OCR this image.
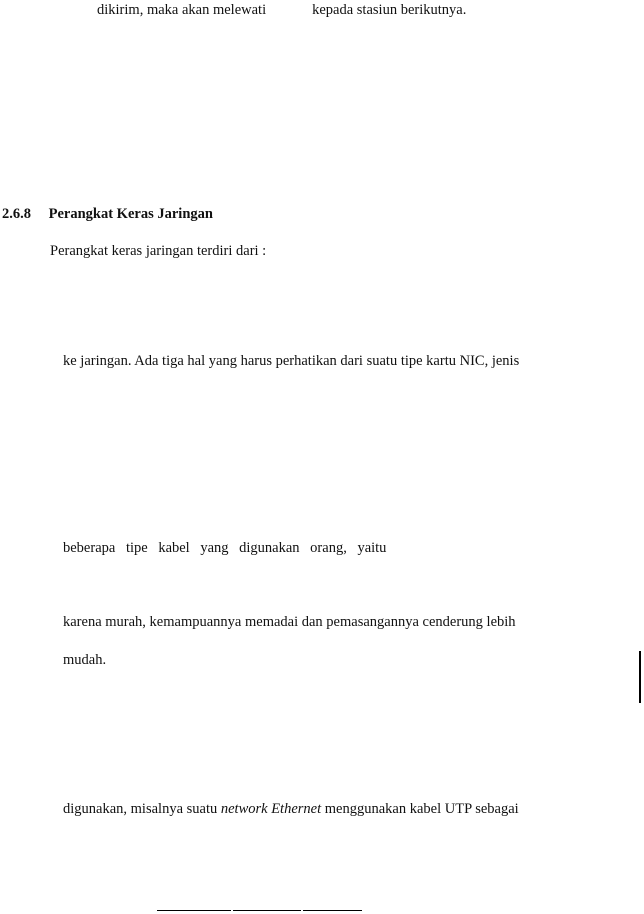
dikirim, maka akan melewati	kepada stasiun berikutnya.
2.6.8 Perangkat Keras Jaringan
Perangkat keras jaringan terdiri dari :
ke jaringan. Ada tiga hal yang harus perhatikan dari suatu tipe kartu NIC, jenis
beberapa tipe kabel yang digunakan orang, yaitu
karena murah, kemampuannya memadai dan pemasangannya cenderung lebih
mudah.
digunakan, misalnya suatu network Ethernet menggunakan kabel UTP sebagai
